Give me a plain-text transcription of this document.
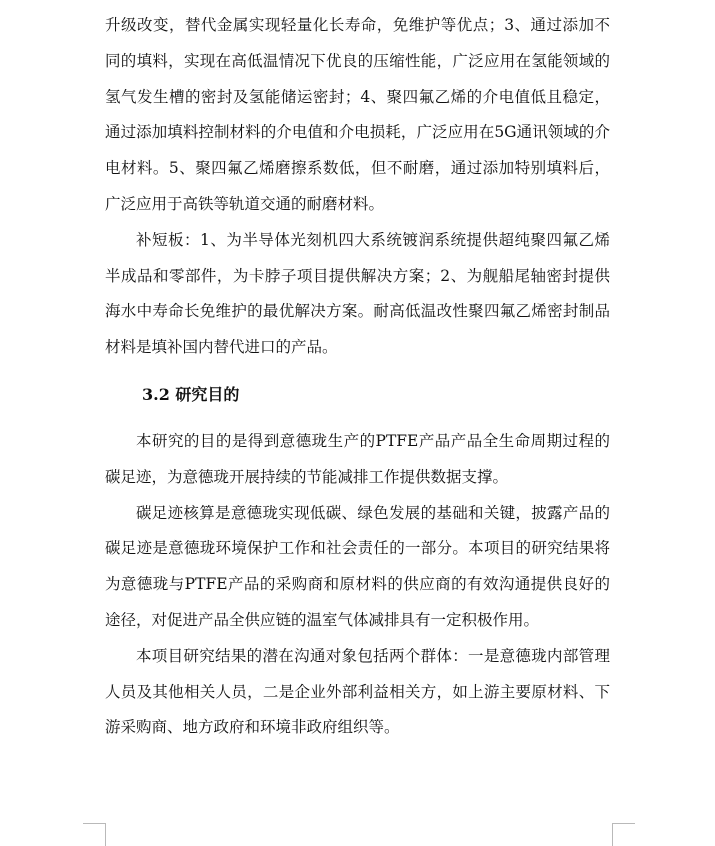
升级改变，替代金属实现轻量化长寿命，免维护等优点；3、通过添加不同的填料，实现在高低温情况下优良的压缩性能，广泛应用在氢能领域的氢气发生槽的密封及氢能储运密封；4、聚四氟乙烯的介电值低且稳定，通过添加填料控制材料的介电值和介电损耗，广泛应用在5G通讯领域的介电材料。5、聚四氟乙烯磨擦系数低，但不耐磨，通过添加特别填料后，广泛应用于高铁等轨道交通的耐磨材料。

补短板：1、为半导体光刻机四大系统镀润系统提供超纯聚四氟乙烯半成品和零部件，为卡脖子项目提供解决方案；2、为舰船尾轴密封提供海水中寿命长免维护的最优解决方案。耐高低温改性聚四氟乙烯密封制品材料是填补国内替代进口的产品。

3.2 研究目的

本研究的目的是得到意德珑生产的PTFE产品产品全生命周期过程的碳足迹，为意德珑开展持续的节能减排工作提供数据支撑。

碳足迹核算是意德珑实现低碳、绿色发展的基础和关键，披露产品的碳足迹是意德珑环境保护工作和社会责任的一部分。本项目的研究结果将为意德珑与PTFE产品的采购商和原材料的供应商的有效沟通提供良好的途径，对促进产品全供应链的温室气体减排具有一定积极作用。

本项目研究结果的潜在沟通对象包括两个群体：一是意德珑内部管理人员及其他相关人员，二是企业外部利益相关方，如上游主要原材料、下游采购商、地方政府和环境非政府组织等。
